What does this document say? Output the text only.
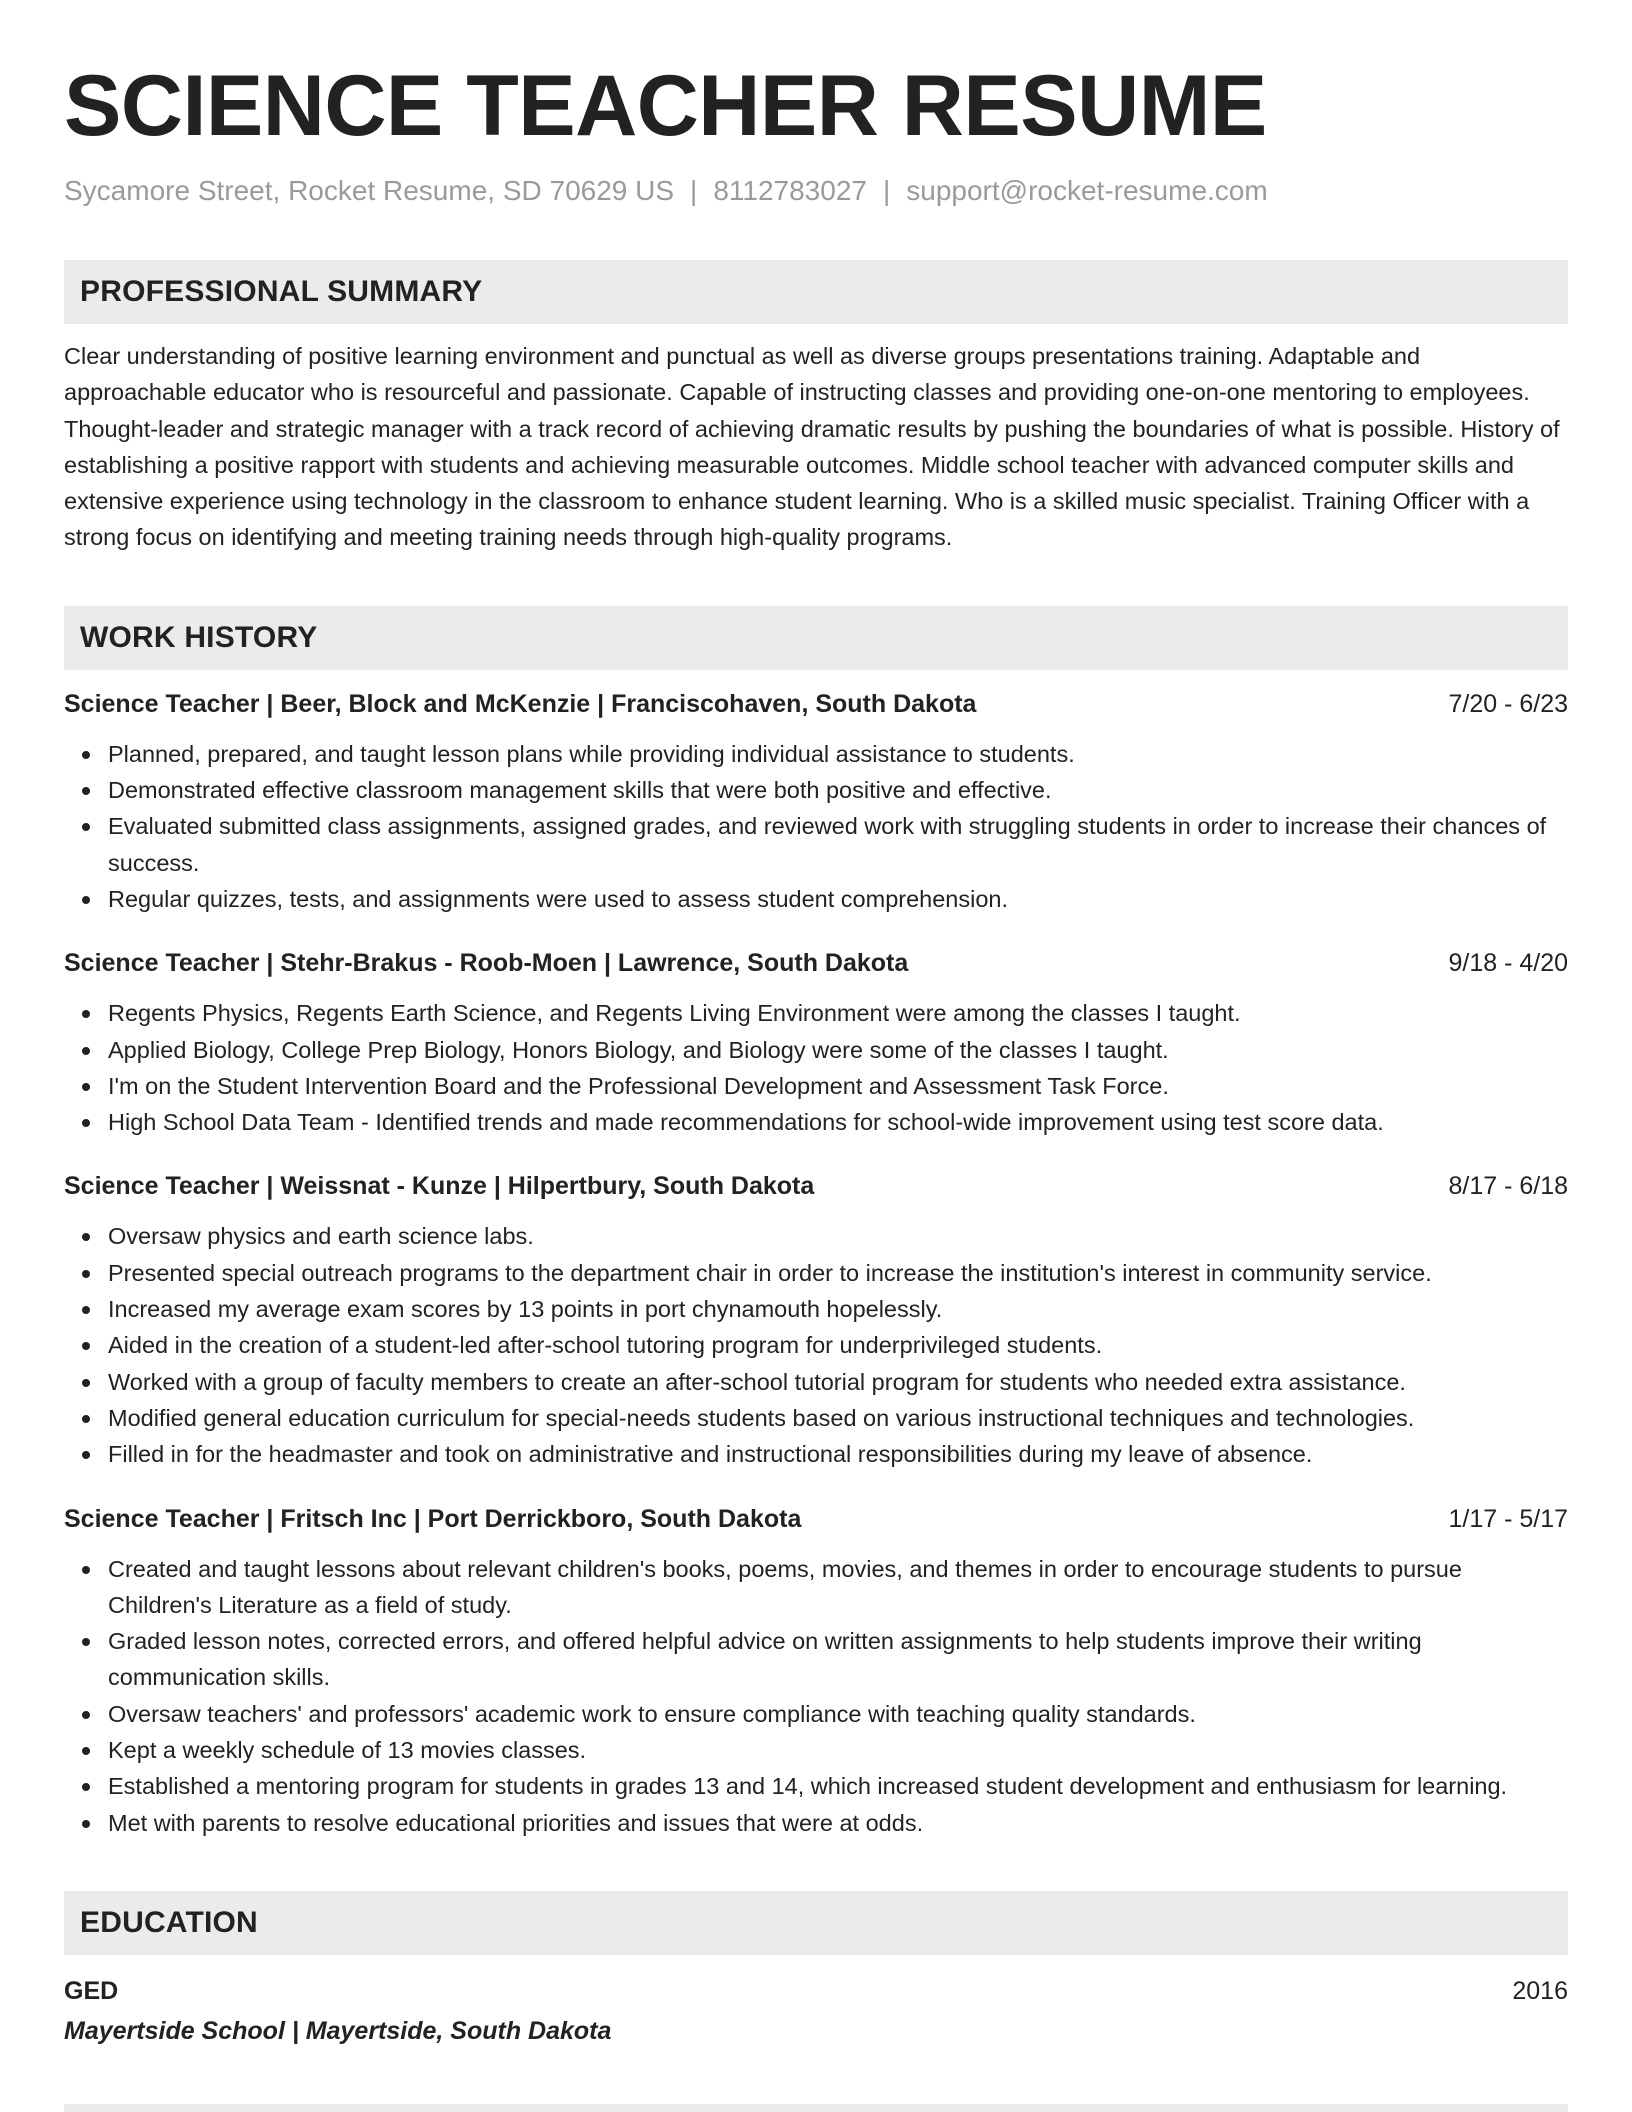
SCIENCE TEACHER RESUME
Sycamore Street, Rocket Resume, SD 70629 US | 8112783027 | support@rocket-resume.com
PROFESSIONAL SUMMARY
Clear understanding of positive learning environment and punctual as well as diverse groups presentations training. Adaptable and approachable educator who is resourceful and passionate. Capable of instructing classes and providing one-on-one mentoring to employees. Thought-leader and strategic manager with a track record of achieving dramatic results by pushing the boundaries of what is possible. History of establishing a positive rapport with students and achieving measurable outcomes. Middle school teacher with advanced computer skills and extensive experience using technology in the classroom to enhance student learning. Who is a skilled music specialist. Training Officer with a strong focus on identifying and meeting training needs through high-quality programs.
WORK HISTORY
Science Teacher | Beer, Block and McKenzie | Franciscohaven, South Dakota	7/20 - 6/23
Planned, prepared, and taught lesson plans while providing individual assistance to students.
Demonstrated effective classroom management skills that were both positive and effective.
Evaluated submitted class assignments, assigned grades, and reviewed work with struggling students in order to increase their chances of success.
Regular quizzes, tests, and assignments were used to assess student comprehension.
Science Teacher | Stehr-Brakus - Roob-Moen | Lawrence, South Dakota	9/18 - 4/20
Regents Physics, Regents Earth Science, and Regents Living Environment were among the classes I taught.
Applied Biology, College Prep Biology, Honors Biology, and Biology were some of the classes I taught.
I'm on the Student Intervention Board and the Professional Development and Assessment Task Force.
High School Data Team - Identified trends and made recommendations for school-wide improvement using test score data.
Science Teacher | Weissnat - Kunze | Hilpertbury, South Dakota	8/17 - 6/18
Oversaw physics and earth science labs.
Presented special outreach programs to the department chair in order to increase the institution's interest in community service.
Increased my average exam scores by 13 points in port chynamouth hopelessly.
Aided in the creation of a student-led after-school tutoring program for underprivileged students.
Worked with a group of faculty members to create an after-school tutorial program for students who needed extra assistance.
Modified general education curriculum for special-needs students based on various instructional techniques and technologies.
Filled in for the headmaster and took on administrative and instructional responsibilities during my leave of absence.
Science Teacher | Fritsch Inc | Port Derrickboro, South Dakota	1/17 - 5/17
Created and taught lessons about relevant children's books, poems, movies, and themes in order to encourage students to pursue Children's Literature as a field of study.
Graded lesson notes, corrected errors, and offered helpful advice on written assignments to help students improve their writing communication skills.
Oversaw teachers' and professors' academic work to ensure compliance with teaching quality standards.
Kept a weekly schedule of 13 movies classes.
Established a mentoring program for students in grades 13 and 14, which increased student development and enthusiasm for learning.
Met with parents to resolve educational priorities and issues that were at odds.
EDUCATION
GED	2016
Mayertside School | Mayertside, South Dakota
